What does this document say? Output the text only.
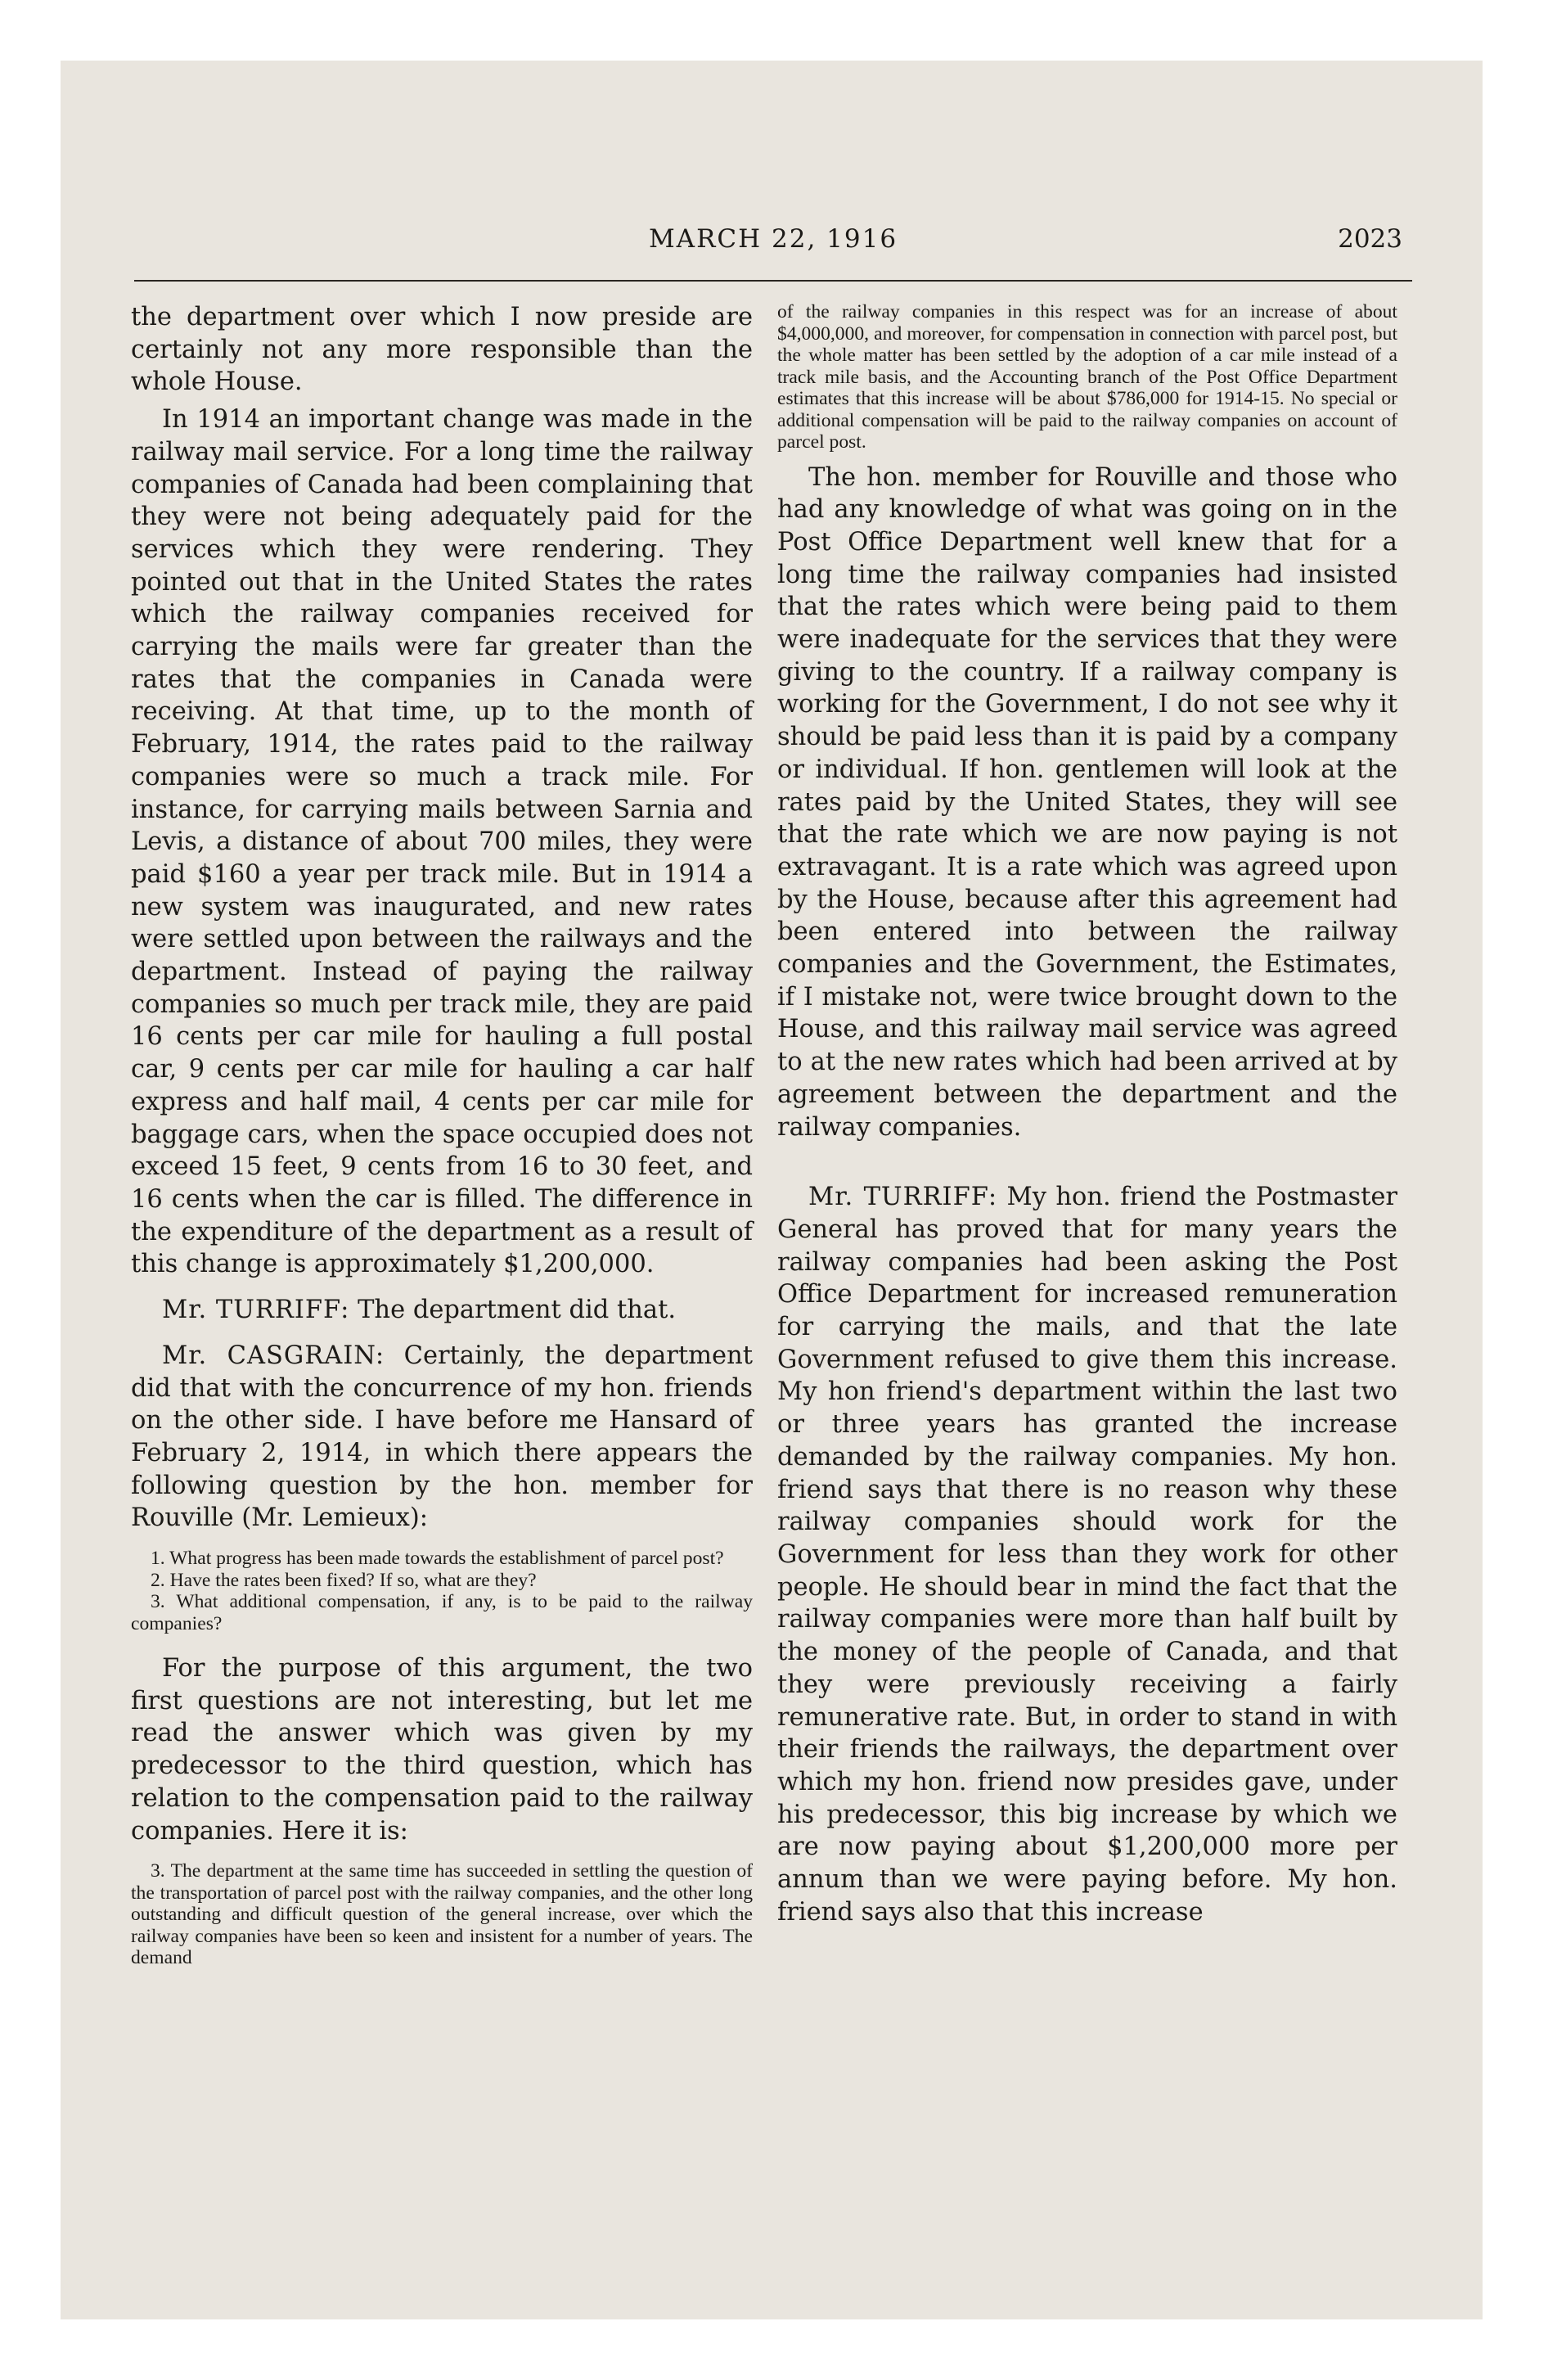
MARCH 22, 1916	2023

the department over which I now preside are certainly not any more responsible than the whole House.

In 1914 an important change was made in the railway mail service. For a long time the railway companies of Canada had been complaining that they were not being adequately paid for the services which they were rendering. They pointed out that in the United States the rates which the railway companies received for carrying the mails were far greater than the rates that the companies in Canada were receiving. At that time, up to the month of February, 1914, the rates paid to the railway companies were so much a track mile. For instance, for carrying mails between Sarnia and Levis, a distance of about 700 miles, they were paid $160 a year per track mile. But in 1914 a new system was inaugurated, and new rates were settled upon between the railways and the department. Instead of paying the railway companies so much per track mile, they are paid 16 cents per car mile for hauling a full postal car, 9 cents per car mile for hauling a car half express and half mail, 4 cents per car mile for baggage cars, when the space occupied does not exceed 15 feet, 9 cents from 16 to 30 feet, and 16 cents when the car is filled. The difference in the expenditure of the department as a result of this change is approximately $1,200,000.

Mr. TURRIFF: The department did that.

Mr. CASGRAIN: Certainly, the department did that with the concurrence of my hon. friends on the other side. I have before me Hansard of February 2, 1914, in which there appears the following question by the hon. member for Rouville (Mr. Lemieux):

1. What progress has been made towards the establishment of parcel post?

2. Have the rates been fixed? If so, what are they?

3. What additional compensation, if any, is to be paid to the railway companies?

For the purpose of this argument, the two first questions are not interesting, but let me read the answer which was given by my predecessor to the third question, which has relation to the compensation paid to the railway companies. Here it is:

3. The department at the same time has succeeded in settling the question of the transportation of parcel post with the railway companies, and the other long outstanding and difficult question of the general increase, over which the railway companies have been so keen and insistent for a number of years. The demand

of the railway companies in this respect was for an increase of about $4,000,000, and moreover, for compensation in connection with parcel post, but the whole matter has been settled by the adoption of a car mile instead of a track mile basis, and the Accounting branch of the Post Office Department estimates that this increase will be about $786,000 for 1914-15. No special or additional compensation will be paid to the railway companies on account of parcel post.

The hon. member for Rouville and those who had any knowledge of what was going on in the Post Office Department well knew that for a long time the railway companies had insisted that the rates which were being paid to them were inadequate for the services that they were giving to the country. If a railway company is working for the Government, I do not see why it should be paid less than it is paid by a company or individual. If hon. gentlemen will look at the rates paid by the United States, they will see that the rate which we are now paying is not extravagant. It is a rate which was agreed upon by the House, because after this agreement had been entered into between the railway companies and the Government, the Estimates, if I mistake not, were twice brought down to the House, and this railway mail service was agreed to at the new rates which had been arrived at by agreement between the department and the railway companies.

Mr. TURRIFF: My hon. friend the Postmaster General has proved that for many years the railway companies had been asking the Post Office Department for increased remuneration for carrying the mails, and that the late Government refused to give them this increase. My hon friend's department within the last two or three years has granted the increase demanded by the railway companies. My hon. friend says that there is no reason why these railway companies should work for the Government for less than they work for other people. He should bear in mind the fact that the railway companies were more than half built by the money of the people of Canada, and that they were previously receiving a fairly remunerative rate. But, in order to stand in with their friends the railways, the department over which my hon. friend now presides gave, under his predecessor, this big increase by which we are now paying about $1,200,000 more per annum than we were paying before. My hon. friend says also that this increase
